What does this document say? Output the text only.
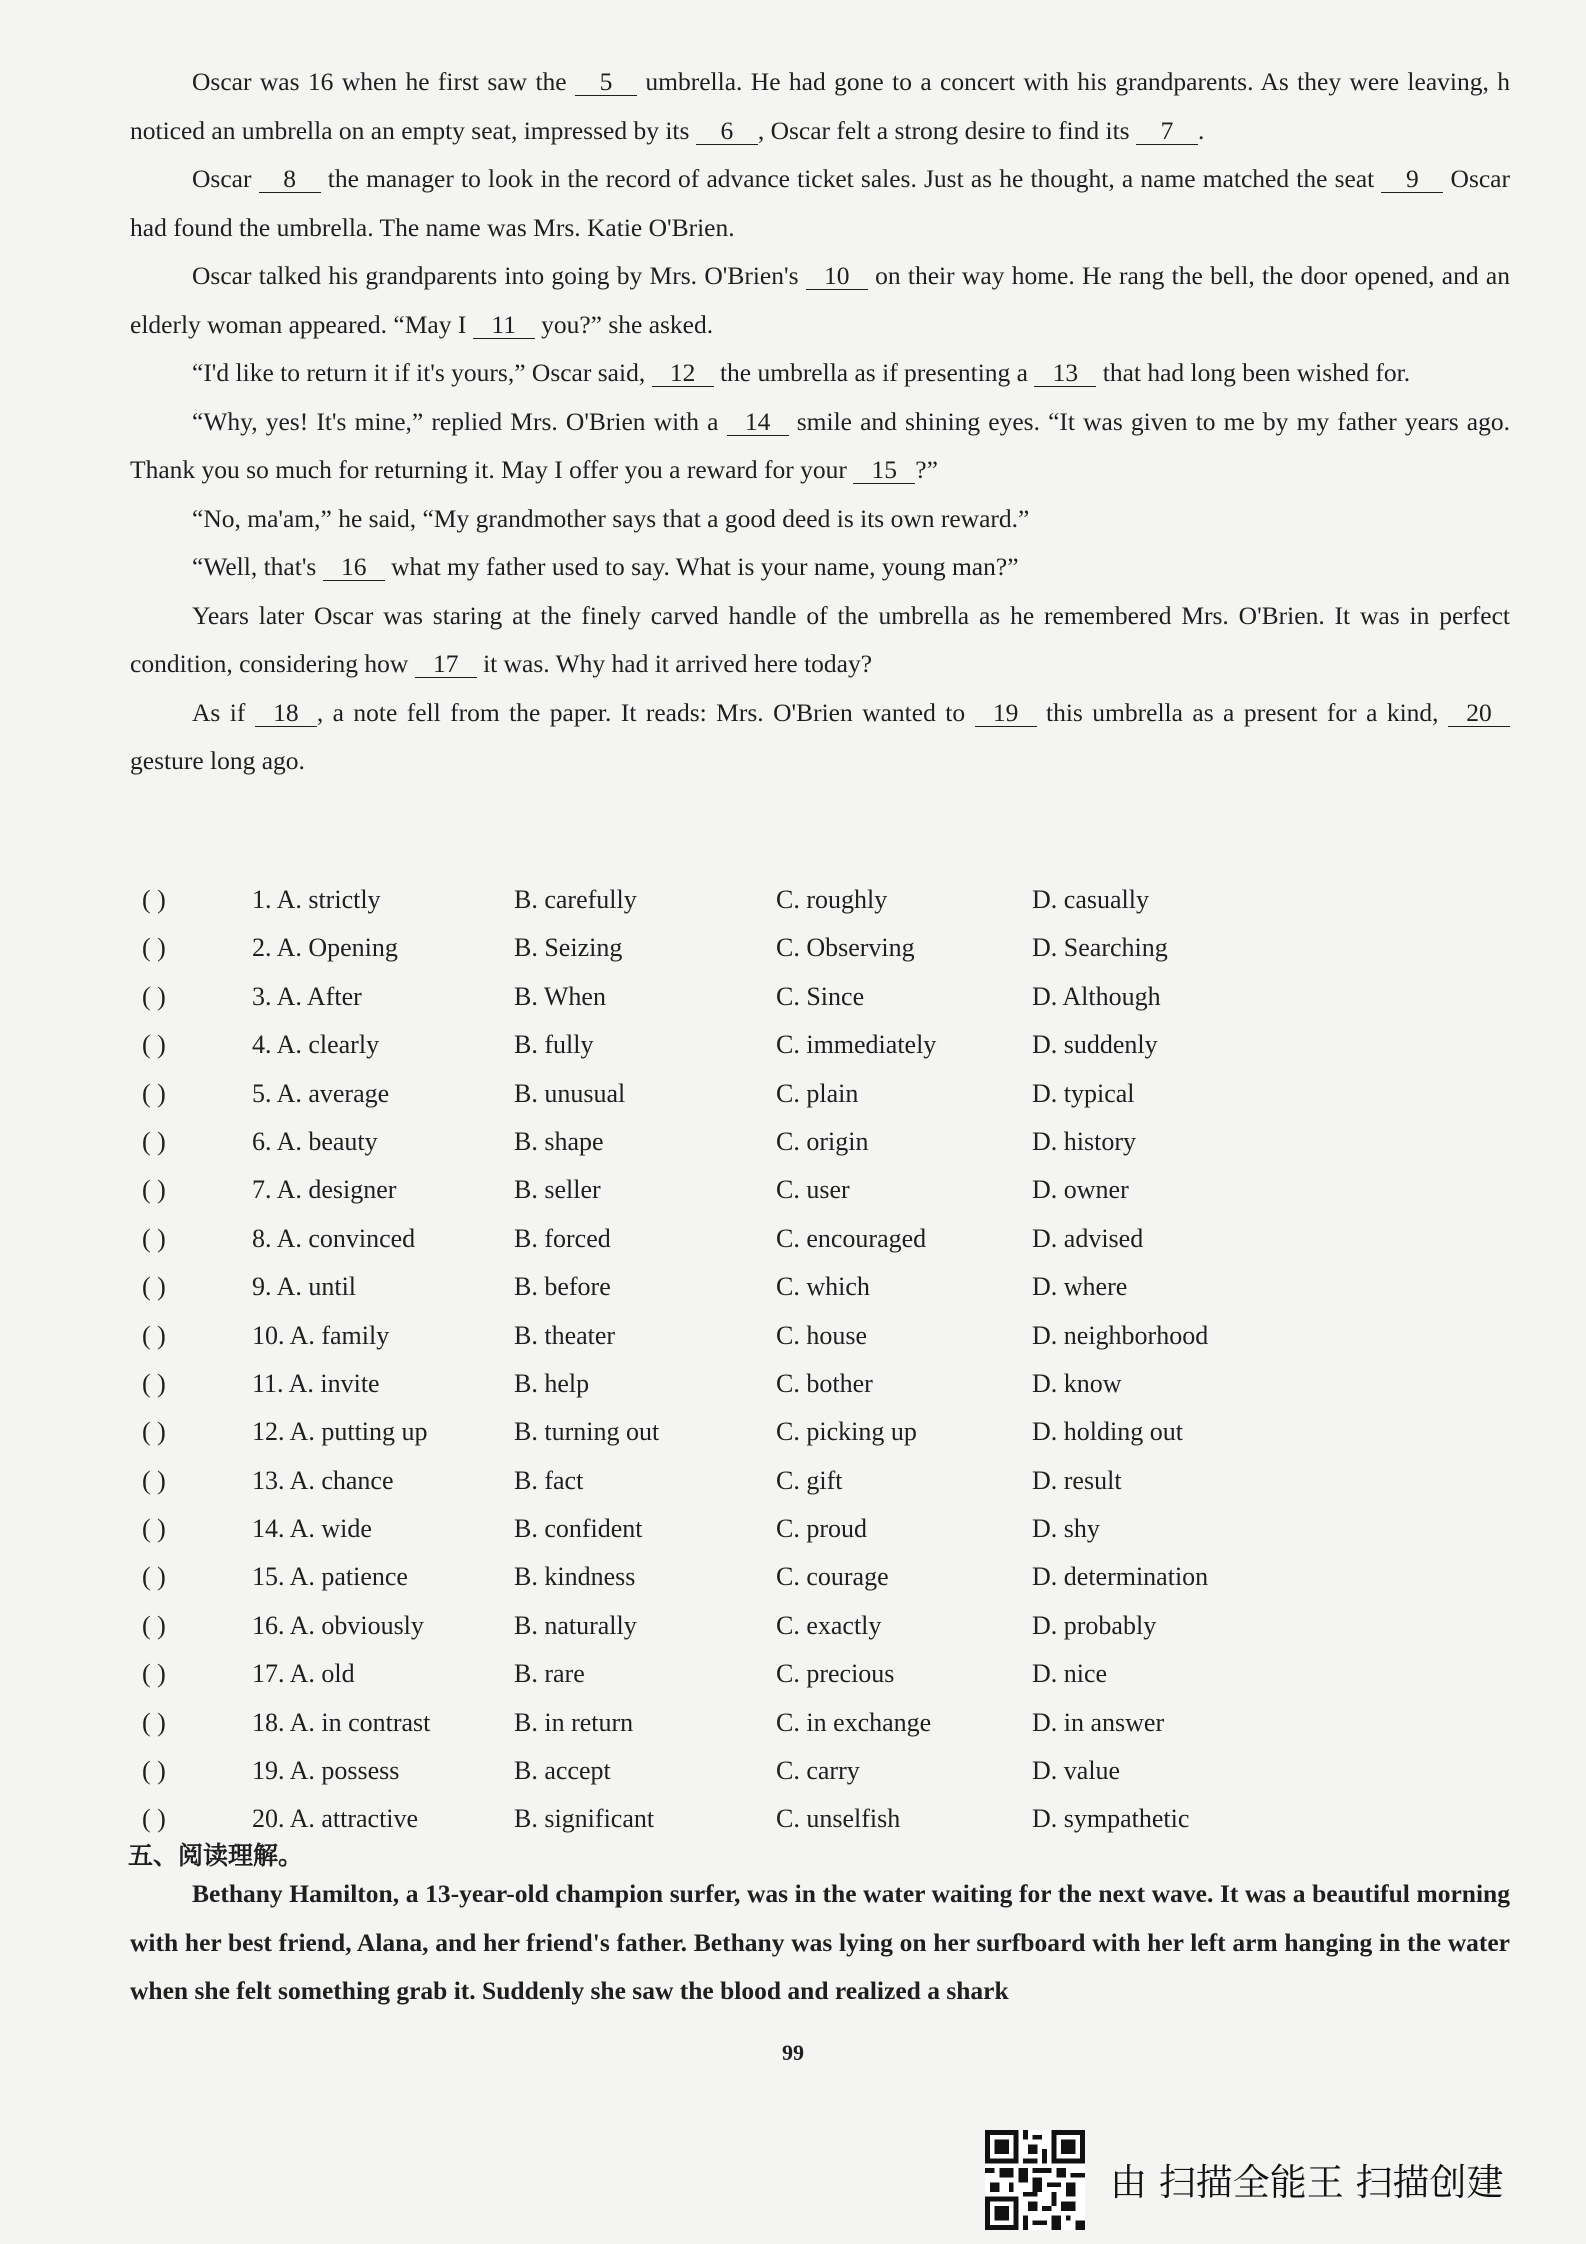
Oscar was 16 when he first saw the 5 umbrella. He had gone to a concert with his grandparents. As they were leaving, h noticed an umbrella on an empty seat, impressed by its 6 , Oscar felt a strong desire to find its 7 .
Oscar 8 the manager to look in the record of advance ticket sales. Just as he thought, a name matched the seat 9 Oscar had found the umbrella. The name was Mrs. Katie O'Brien.
Oscar talked his grandparents into going by Mrs. O'Brien's 10 on their way home. He rang the bell, the door opened, and an elderly woman appeared. “May I 11 you?” she asked.
“I'd like to return it if it's yours,” Oscar said, 12 the umbrella as if presenting a 13 that had long been wished for.
“Why, yes! It's mine,” replied Mrs. O'Brien with a 14 smile and shining eyes. “It was given to me by my father years ago. Thank you so much for returning it. May I offer you a reward for your 15 ?”
“No, ma'am,” he said, “My grandmother says that a good deed is its own reward.”
“Well, that's 16 what my father used to say. What is your name, young man?”
Years later Oscar was staring at the finely carved handle of the umbrella as he remembered Mrs. O'Brien. It was in perfect condition, considering how 17 it was. Why had it arrived here today?
As if 18 , a note fell from the paper. It reads: Mrs. O'Brien wanted to 19 this umbrella as a present for a kind, 20 gesture long ago.
( )	1. A. strictly	B. carefully	C. roughly	D. casually
( )	2. A. Opening	B. Seizing	C. Observing	D. Searching
( )	3. A. After	B. When	C. Since	D. Although
( )	4. A. clearly	B. fully	C. immediately	D. suddenly
( )	5. A. average	B. unusual	C. plain	D. typical
( )	6. A. beauty	B. shape	C. origin	D. history
( )	7. A. designer	B. seller	C. user	D. owner
( )	8. A. convinced	B. forced	C. encouraged	D. advised
( )	9. A. until	B. before	C. which	D. where
( )	10. A. family	B. theater	C. house	D. neighborhood
( )	11. A. invite	B. help	C. bother	D. know
( )	12. A. putting up	B. turning out	C. picking up	D. holding out
( )	13. A. chance	B. fact	C. gift	D. result
( )	14. A. wide	B. confident	C. proud	D. shy
( )	15. A. patience	B. kindness	C. courage	D. determination
( )	16. A. obviously	B. naturally	C. exactly	D. probably
( )	17. A. old	B. rare	C. precious	D. nice
( )	18. A. in contrast	B. in return	C. in exchange	D. in answer
( )	19. A. possess	B. accept	C. carry	D. value
( )	20. A. attractive	B. significant	C. unselfish	D. sympathetic
五、阅读理解。
Bethany Hamilton, a 13-year-old champion surfer, was in the water waiting for the next wave. It was a beautiful morning with her best friend, Alana, and her friend's father. Bethany was lying on her surfboard with her left arm hanging in the water when she felt something grab it. Suddenly she saw the blood and realized a shark
99
由 扫描全能王 扫描创建
